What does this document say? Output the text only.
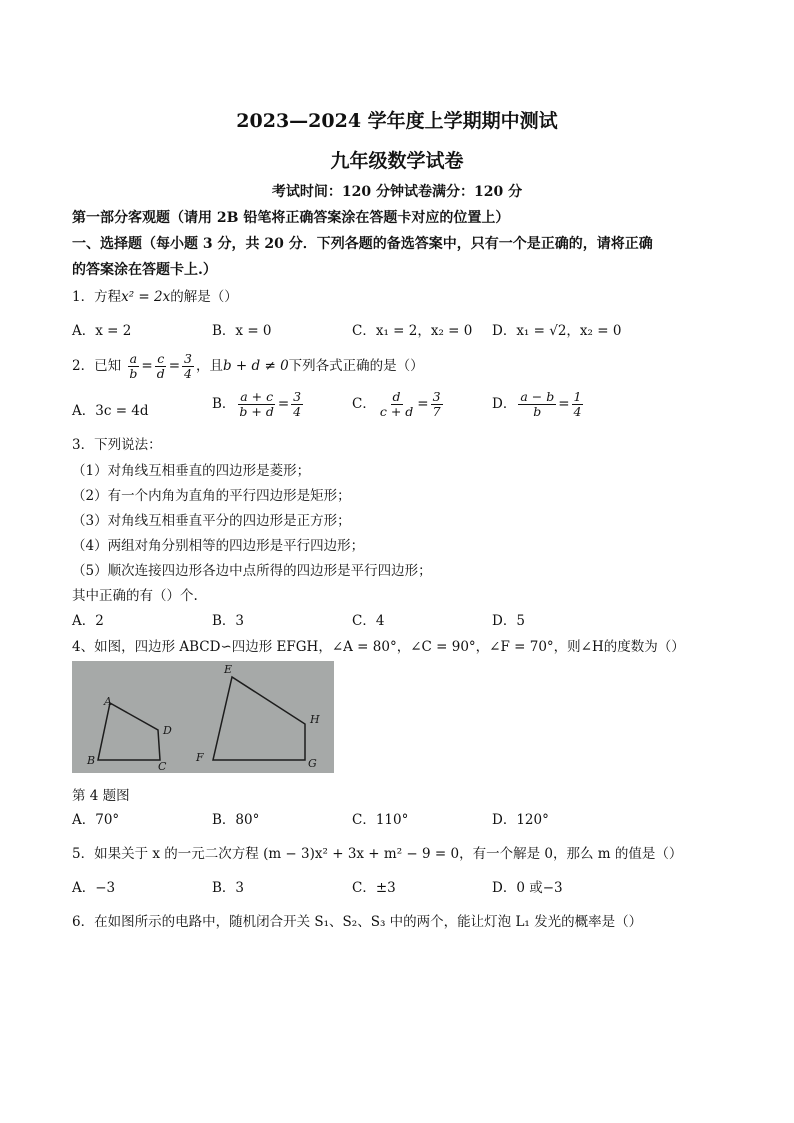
2023—2024 学年度上学期期中测试
九年级数学试卷
考试时间：120 分钟试卷满分：120 分
第一部分客观题（请用 2B 铅笔将正确答案涂在答题卡对应的位置上）
一、选择题（每小题 3 分，共 20 分．下列各题的备选答案中，只有一个是正确的，请将正确
的答案涂在答题卡上.）
1．方程x² = 2x的解是（）
A．x = 2	B．x = 0	C．x₁ = 2，x₂ = 0 D．x₁ = √2，x₂ = 0
2．已知 $\frac{a}{b} = \frac{c}{d} = \frac{3}{4}$ ，且b + d ≠ 0下列各式正确的是（）
A．3c = 4d	B． $\frac{a + c}{b + d} = \frac{3}{4}$	C． $\frac{d}{c + d} = \frac{3}{7}$	D． $\frac{a - b}{b} = \frac{1}{4}$
3．下列说法：
（1）对角线互相垂直的四边形是菱形；
（2）有一个内角为直角的平行四边形是矩形；
（3）对角线互相垂直平分的四边形是正方形；
（4）两组对角分别相等的四边形是平行四边形；
（5）顺次连接四边形各边中点所得的四边形是平行四边形；
其中正确的有（）个.
A．2	B．3	C．4	D．5
4、如图，四边形 ABCD∽四边形 EFGH，∠A = 80°，∠C = 90°，∠F = 70°，则∠H的度数为（）
A
B	C
D
E
F	G
H
第 4 题图
A．70°	B．80°	C．110°	D．120°
5．如果关于 x 的一元二次方程 (m − 3)x² + 3x + m² − 9 = 0，有一个解是 0，那么 m 的值是（）
A．−3	B．3	C．±3	D．0 或−3
6．在如图所示的电路中，随机闭合开关 S₁、S₂、S₃ 中的两个，能让灯泡 L₁ 发光的概率是（）
